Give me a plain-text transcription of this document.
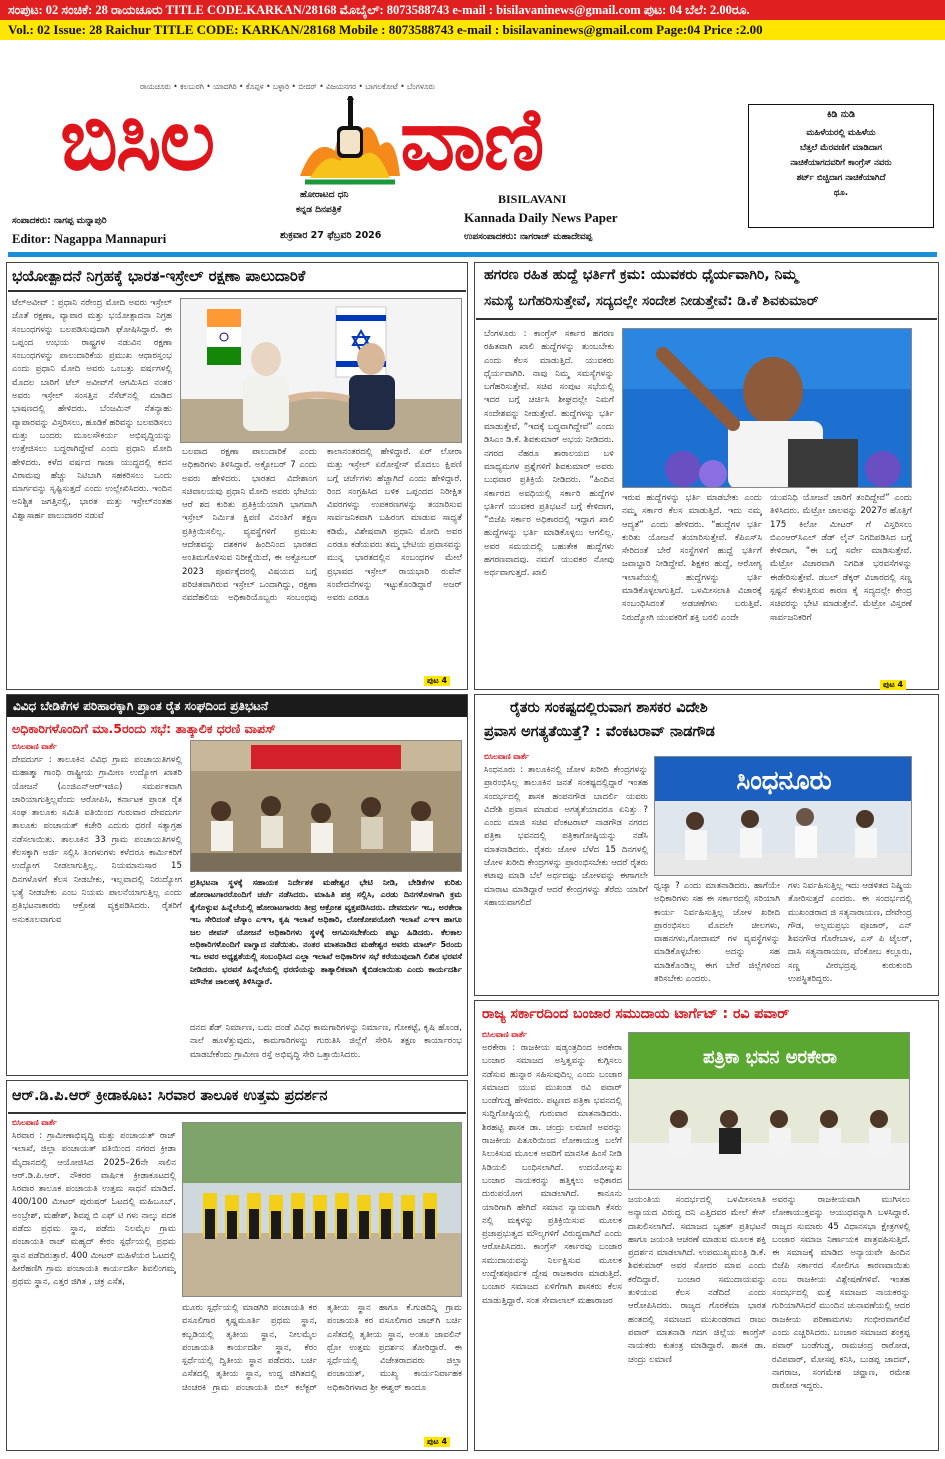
ಸಂಪುಟ: 02 ಸಂಚಿಕೆ: 28 ರಾಯಚೂರು TITLE CODE.KARKAN/28168 ಮೊಬೈಲ್: 8073588743 e-mail : bisilavaninews@gmail.com ಪುಟ: 04 ಬೆಲೆ: 2.00ರೂ.
Vol.: 02 Issue: 28 Raichur TITLE CODE: KARKAN/28168 Mobile : 8073588743 e-mail : bisilavaninews@gmail.com Page:04 Price :2.00
ರಾಯಚೂರು • ಕಲಬುರಗಿ • ಯಾದಗಿರಿ • ಕೊಪ್ಪಳ • ಬಳ್ಳಾರಿ • ಬೀದರ್ • ವಿಜಯನಗರ • ಬಾಗಲಕೋಟೆ • ಬೆಂಗಳೂರು
ಬಿಸಿಲ ವಾಣಿ
ಹೋರಾಟದ ಧನಿ
ಕನ್ನಡ ದಿನಪತ್ರಿಕೆ
BISILAVANI
Kannada Daily News Paper
ಸಂಪಾದಕರು: ನಾಗಪ್ಪ ಮನ್ನಾಪುರಿ
Editor: Nagappa Mannapuri	ಶುಕ್ರವಾರ 27 ಫೆಬ್ರವರಿ 2026	ಉಪಸಂಪಾದಕರು: ನಾಗರಾಜ್ ಮಹಾದೇವಪ್ಪ
ಕಿಡಿ ನುಡಿ
ಮಹಿಳೆಯರಲ್ಲಿ ಮಹಿಳೆಯ
ಬೆತ್ತಲೆ ಮೆರವಣಿಗೆ ಮಾಡಿದಾಗ
ನಾಚಿಕೆಯಾಗದವರಿಗೆ ಕಾಂಗ್ರೆಸ್ ನವರು
ಶರ್ಟ್ ಬಿಚ್ಚಿದಾಗ ನಾಚಿಕೆಯಾಗಿದೆ
ಥೂ.
ಭಯೋತ್ಪಾದನೆ ನಿಗ್ರಹಕ್ಕೆ ಭಾರತ-ಇಸ್ರೇಲ್ ರಕ್ಷಣಾ ಪಾಲುದಾರಿಕೆ
ಟೆಲ್‌ಅವೀವ್ : ಪ್ರಧಾನಿ ನರೇಂದ್ರ ಮೋದಿ ಅವರು ಇಸ್ರೇಲ್ ಜೊತೆ ರಕ್ಷಣಾ, ವ್ಯಾಪಾರ ಮತ್ತು ಭಯೋತ್ಪಾದನಾ ನಿಗ್ರಹ ಸಂಬಂಧಗಳನ್ನು ಬಲಪಡಿಸುವುದಾಗಿ ಘೋಷಿಸಿದ್ದಾರೆ. ಈ ಒಪ್ಪಂದ ಉಭಯ ರಾಷ್ಟ್ರಗಳ ನಡುವಿನ ರಕ್ಷಣಾ ಸಂಬಂಧಗಳನ್ನು ಪಾಲುದಾರಿಕೆಯ ಪ್ರಮುಖ ಆಧಾರಸ್ತಂಭ ಎಂದು ಪ್ರಧಾನಿ ಮೋದಿ ಅವರು ಒಂಬತ್ತು ವರ್ಷಗಳಲ್ಲಿ ಮೊದಲ ಬಾರಿಗೆ ಟೆಲ್ ಅವೀವ್‌ಗೆ ಆಗಮಿಸಿದ ನಂತರ ಅವರು ಇಸ್ರೇಲ್ ಸಂಸತ್ತಿನ ನೆಸೆಟ್‌ನಲ್ಲಿ ಮಾಡಿದ ಭಾಷಣದಲ್ಲಿ ಹೇಳಿದರು. ಬೆಂಜಮಿನ್ ನೆತನ್ಯಾಹು ವ್ಯಾಪಾರವನ್ನು ವಿಸ್ತರಿಸಲು, ಹೂಡಿಕೆ ಹರಿವನ್ನು ಬಲಪಡಿಸಲು ಮತ್ತು ಬಂದರು ಮೂಲಸೌಕರ್ಯ ಅಭಿವೃದ್ಧಿಯನ್ನು ಉತ್ತೇಜಿಸಲು ಬದ್ಧರಾಗಿದ್ದೇವೆ ಎಂದು ಪ್ರಧಾನಿ ಮೋದಿ ಹೇಳಿದರು. ಕಳೆದ ವರ್ಷದ ಗಾಜಾ ಯುದ್ಧದಲ್ಲಿ ಕದನ ವಿರಾಮವು ಹೆಚ್ಚು ನಿಟಿಬಾಗಿ ಸಹಕರಿಸಲು ಒಂದು ಮಾರ್ಗವನ್ನು ಸೃಷ್ಟಿಸುತ್ತದೆ ಎಂದು ಉಲ್ಲೇಖಿಸಿದರು. ಇಂದಿನ ಅನಿಶ್ಚಿತ ಜಗತ್ತಿನಲ್ಲಿ, ಭಾರತ ಮತ್ತು ಇಸ್ರೇಲ್‌ನಂತಹ ವಿಶ್ವಾಸಾರ್ಹ ಪಾಲುದಾರರ ನಡುವೆ
ಬಲವಾದ ರಕ್ಷಣಾ ಪಾಲುದಾರಿಕೆ ಎಂದು ಅಧಿಕಾರಿಗಳು ತಿಳಿಸಿದ್ದಾರೆ. ಅಕ್ಟೋಬರ್ 7 ಎಂದು ಅವರು ಹೇಳಿದರು. ಭಾರತದ ವಿದೇಶಾಂಗ ಸಚಿವಾಲಯವು ಪ್ರಧಾನಿ ಮೋದಿ ಅವರು ಭೇಟಿಯ ಆರೆ ಶದ ಕುರಿತು ಪ್ರತಿಕ್ರಿಯೆಯಾಗಿ ಭಾಗವಾಗಿ ಇಸ್ರೇಲ್ ನಿರ್ಮಿತ ಕ್ಷಿಪಣಿ ವಿನಂತಿಗೆ ತಕ್ಷಣ ಪ್ರತಿಕ್ರಿಯಿಸಲಿಲ್ಲ. ವ್ಯವಸ್ಥೆಗಳಿಗೆ ಪ್ರಮುಖ ಆದೇಶವನ್ನು ದಶಕಗಳ ಹಿಂದಿನಿಂದ ಭಾರತದ ಅಂತಿಮಗೊಳಿಸುವ ನಿರೀಕ್ಷೆಯಿದೆ, ಈ ಅಕ್ಟೋಬರ್ 2023 ಪೂರ್ವಕ್ಕೆದರಲ್ಲಿ ವಿಷಯದ ಬಗ್ಗೆ ಪರಿಚಿತವಾಗಿರುವ ಇಸ್ರೇಲ್ ಒಂದಾಗಿದ್ದು, ರಕ್ಷಣಾ ನವದೆಹಲಿಯ ಅಧಿಕಾರಿಯೊಬ್ಬರು ಸಂಬಂಧವು ಕಾಲಾನಂತರದಲ್ಲಿ ಹೇಳಿದ್ದಾರೆ. ಏರ್ ಲೋರಾ ಮತ್ತು ಇಸ್ರೇಲ್ ಏರೋಸ್ಪೇಸ್ ಮೊದಲು ಕ್ಷಿಪಣಿ ಬಗ್ಗೆ ಚರ್ಚೆಗಳು ಹೆಚ್ಚಾಗಿದೆ ಎಂದು ಹೇಳಿದ್ದಾರೆ. ರಿಂದ ಸಂಗ್ರಹಿಸಿದ ಬಳಿಕ ಒಪ್ಪಂದದ ನಿರೀಕ್ಷಿತ ವಿವರಗಳನ್ನು ಉಪಕರಣಗಳನ್ನು ತಯಾರಿಸುವ ಸಾರ್ವಜನಿಕವಾಗಿ ಬಹಿರಂಗ ಮಾಡುವ ಸಾಧ್ಯತೆ ಕಡಿಮೆ, ವಿಶೇಷವಾಗಿ ಪ್ರಧಾನಿ ಮೋದಿ ಅವರ ಎರಡೂ ಕಡೆಯವರು ತಮ್ಮ ಭೇಟಿಯ ಪ್ರವಾಸವನ್ನು ಮುನ್ನ ಭಾರತದಲ್ಲಿನ ಸಂಬಂಧಗಳ ಮೇಲೆ ಪ್ರಭಾವದ ಇಸ್ರೇಲ್ ರಾಯಭಾರಿ ರುವೆನ್ ಸಂವೇದನೆಗಳನ್ನು ಇಟ್ಟುಕೊಂಡಿದ್ದಾರೆ ಅಜರ್ ಅವರು ಎರಡೂ
ಪುಟ 4
ಹಗರಣ ರಹಿತ ಹುದ್ದೆ ಭರ್ತಿಗೆ ಕ್ರಮ: ಯುವಕರು ಧೈರ್ಯವಾಗಿರಿ, ನಿಮ್ಮ
ಸಮಸ್ಯೆ ಬಗೆಹರಿಸುತ್ತೇವೆ, ಸದ್ಯದಲ್ಲೇ ಸಂದೇಶ ನೀಡುತ್ತೇವೆ: ಡಿ.ಕೆ ಶಿವಕುಮಾರ್
ಬೆಂಗಳೂರು : ಕಾಂಗ್ರೆಸ್ ಸರ್ಕಾರ ಹಗರಣ ರಹಿತವಾಗಿ ಖಾಲಿ ಹುದ್ದೆಗಳನ್ನು ತುಂಬಬೇಕು ಎಂದು ಕೆಲಸ ಮಾಡುತ್ತಿದೆ. ಯುವಕರು ಧೈರ್ಯವಾಗಿರಿ. ನಾವು ನಿಮ್ಮ ಸಮಸ್ಯೆಗಳನ್ನು ಬಗೆಹರಿಸುತ್ತೇವೆ. ಸಚಿವ ಸಂಪುಟ ಸಭೆಯಲ್ಲಿ ಇದರ ಬಗ್ಗೆ ಚರ್ಚಿಸಿ ಶೀಘ್ರದಲ್ಲೇ ನಿಮಗೆ ಸಂದೇಶವನ್ನು ನೀಡುತ್ತೇವೆ. ಹುದ್ದೆಗಳನ್ನು ಭರ್ತಿ ಮಾಡುತ್ತೇವೆ, “ಇದಕ್ಕೆ ಬದ್ಧವಾಗಿದ್ದೇವೆ” ಎಂದು ಡಿಸಿಎಂ ಡಿ.ಕೆ. ಶಿವಕುಮಾರ್ ಅಭಯ ನೀಡಿದರು. ನಗರದ ನೆಹರೂ ತಾರಾಲಯದ ಬಳಿ ಮಾಧ್ಯಮಗಳ ಪ್ರಶ್ನೆಗಳಿಗೆ ಶಿವಕುಮಾರ್ ಅವರು ಬುಧವಾರ ಪ್ರತಿಕ್ರಿಯೆ ನೀಡಿದರು. “ಹಿಂದಿನ ಸರ್ಕಾರದ ಅವಧಿಯಲ್ಲಿ ಸರ್ಕಾರಿ ಹುದ್ದೆಗಳ ಭರ್ತಿಗೆ ಯುವಕರ ಪ್ರತಿಭಟನೆ ಬಗ್ಗೆ ಕೇಳಿದಾಗ, “ಬಿಜೆಪಿ ಸರ್ಕಾರ ಅಧಿಕಾರದಲ್ಲಿ ಇದ್ದಾಗ ಖಾಲಿ ಹುದ್ದೆಗಳನ್ನು ಭರ್ತಿ ಮಾಡಿಕೊಳ್ಳಲು ಆಗಲಿಲ್ಲ. ಅವರ ಸಮಯದಲ್ಲಿ ಬಹುತೇಕ ಹುದ್ದೆಗಳು ಹಗರಣವಾದವು. ನಮಗೆ ಯುವಕರ ನೋವು ಅರ್ಥವಾಗುತ್ತದೆ. ಖಾಲಿ
ಇರುವ ಹುದ್ದೆಗಳನ್ನು ಭರ್ತಿ ಮಾಡಬೇಕು ಎಂದು ನಮ್ಮ ಸರ್ಕಾರ ಕೆಲಸ ಮಾಡುತ್ತಿದೆ. ಇದು ನಮ್ಮ ಆದ್ಯತೆ” ಎಂದು ಹೇಳಿದರು. “ಹುದ್ದೆಗಳ ಭರ್ತಿ ಕುರಿತು ಯೋಜನೆ ತಯಾರಿಸುತ್ತೇವೆ. ಕೆಪಿಎಸ್‌ಸಿ ಸೇರಿದಂತೆ ಬೇರೆ ಸಂಸ್ಥೆಗಳಿಗೆ ಹುದ್ದೆ ಭರ್ತಿಗೆ ಜವಾಬ್ದಾರಿ ನೀಡಿದ್ದೇವೆ. ಶಿಕ್ಷಕರ ಹುದ್ದೆ, ಆರೋಗ್ಯ ಇಲಾಖೆಯಲ್ಲಿ ಹುದ್ದೆಗಳನ್ನು ಭರ್ತಿ ಮಾಡಿಕೊಳ್ಳಲಾಗುತ್ತಿದೆ. ಒಳಮೀಸಲಾತಿ ವಿಚಾರಕ್ಕೆ ಸಂಬಂಧಿಸಿದಂತೆ ಅಡಚಣೆಗಳು ಬರುತ್ತಿವೆ. ನಿರುದ್ಯೋಗಿ ಯುವಕರಿಗೆ ಶಕ್ತಿ ಬರಲಿ ಎಂದೇ
ಯುವನಿಧಿ ಯೋಜನೆ ಜಾರಿಗೆ ತಂದಿದ್ದೇವೆ” ಎಂದು ತಿಳಿಸಿದರು. ಮೆಟ್ರೋ ಜಾಲವನ್ನು 2027ರ ಹೊತ್ತಿಗೆ 175 ಕಿಲೋ ಮೀಟರ್ ಗೆ ವಿಸ್ತರಿಸಲು ಬಿಎಂಆರ್‌ಸಿಎಲ್ ಡೆಡ್ ಲೈನ್ ನಿಗದಿಪಡಿಸಿದ ಬಗ್ಗೆ ಕೇಳಿದಾಗ, “ಈ ಬಗ್ಗೆ ಸರ್ವೇ ಮಾಡಿಸುತ್ತೇವೆ. ಮೆಟ್ರೋ ವಿಚಾರವಾಗಿ ನಿಗದಿತ ಭರವಸೆಗಳನ್ನು ಈಡೇರಿಸುತ್ತೇವೆ. ಡಬಲ್ ಡೆಕ್ಕರ್ ವಿಚಾರದಲ್ಲಿ ಸಣ್ಣ ಸ್ಪಷ್ಟನೆ ಕೇಳುತ್ತಿರುವ ಕಾರಣ ಕೈ ಸದ್ಯದಲ್ಲೇ ಕೇಂದ್ರ ಸಚಿವರನ್ನು ಭೇಟಿ ಮಾಡುತ್ತೇನೆ. ಮೆಟ್ರೋ ವಿಸ್ತರಣೆ ಸಾರ್ವಜನಿಕರಿಗೆ
ಪುಟ 4
ವಿವಿಧ ಬೇಡಿಕೆಗಳ ಪರಿಹಾರಕ್ಕಾಗಿ ಪ್ರಾಂತ ರೈತ ಸಂಘದಿಂದ ಪ್ರತಿಭಟನೆ
ಅಧಿಕಾರಿಗಳೊಂದಿಗೆ ಮಾ.5ರಂದು ಸಭೆ: ತಾತ್ಕಾಲಿಕ ಧರಣಿ ವಾಪಸ್
ಬಿಸಿಲವಾಣಿ ವಾರ್ತೆ
ದೇವದುರ್ಗ : ತಾಲೂಕಿನ ವಿವಿಧ ಗ್ರಾಮ ಪಂಚಾಯತಿಗಳಲ್ಲಿ ಮಹಾತ್ಮಾ ಗಾಂಧಿ ರಾಷ್ಟ್ರೀಯ ಗ್ರಾಮೀಣ ಉದ್ಯೋಗ ಖಾತರಿ ಯೋಜನೆ (ಎಂಜಿಎನ್‌ಆರ್‌ಇಜಿಎ) ಸಮರ್ಪಕವಾಗಿ ಜಾರಿಯಾಗುತ್ತಿಲ್ಲವೆಂದು ಆರೋಪಿಸಿ, ಕರ್ನಾಟಕ ಪ್ರಾಂತ ರೈತ ಸಂಘ ತಾಲೂಕು ಸಮಿತಿ ವತಿಯಿಂದ ಗುರುವಾರ ದೇವದುರ್ಗ ತಾಲೂಕು ಪಂಚಾಯತ್ ಕಚೇರಿ ಎದುರು ಧರಣಿ ಸತ್ಯಾಗ್ರಹ ನಡೆಸಲಾಯಿತು. ತಾಲೂಕಿನ 33 ಗ್ರಾಮ ಪಂಚಾಯತಿಗಳಲ್ಲಿ ಕೆಲಸಕ್ಕಾಗಿ ಅರ್ಜಿ ಸಲ್ಲಿಸಿ ತಿಂಗಳುಗಳು ಕಳೆದರೂ ಕಾರ್ಮಿಕರಿಗೆ ಉದ್ಯೋಗ ನೀಡಲಾಗುತ್ತಿಲ್ಲ. ನಿಯಮಾನುಸಾರ 15 ದಿನಗಳೊಳಗೆ ಕೆಲಸ ನೀಡಬೇಕು, ಇಲ್ಲವಾದಲ್ಲಿ ನಿರುದ್ಯೋಗ ಭತ್ಯೆ ನೀಡಬೇಕು ಎಂಬ ನಿಯಮ ಪಾಲನೆಯಾಗುತ್ತಿಲ್ಲ ಎಂದು ಪ್ರತಿಭಟನಾಕಾರರು ಆಕ್ರೋಶ ವ್ಯಕ್ತಪಡಿಸಿದರು. ರೈತರಿಗೆ ಅನುಕೂಲವಾಗುವ
ಪ್ರತಿಭಟನಾ ಸ್ಥಳಕ್ಕೆ ಸಹಾಯಕ ನಿರ್ದೇಶಕ ಮಹೇಶ್ವರ ಭೇಟಿ ನೀಡಿ, ಬೇಡಿಕೆಗಳ ಕುರಿತು ಹೋರಾಟಗಾರರೊಂದಿಗೆ ಚರ್ಚೆ ನಡೆಸಿದರು. ಮಾಹಿತಿ ಪತ್ರ ಸಲ್ಲಿಸಿ, ಎರಡು ದಿನಗಳೊಳಗಾಗಿ ಕ್ರಮ ಕೈಗೊಳ್ಳುವ ಹಿನ್ನೆಲೆಯಲ್ಲಿ ಹೋರಾಟಗಾರರು ತೀವ್ರ ಆಕ್ರೋಶ ವ್ಯಕ್ತಪಡಿಸಿದರು. ದೇವದುರ್ಗ ಇಒ, ಅರಕೇರಾ ಇಒ ಸೇರಿದಂತೆ ಜೆಸ್ಕಾಂ ಎಇಇ, ಕೃಷಿ ಇಲಾಖೆ ಅಧಿಕಾರಿ, ಲೋಕೋಪಯೋಗಿ ಇಲಾಖೆ ಎಇಇ ಹಾಗೂ ಜಲ ಜೀವನ್ ಯೋಜನೆ ಅಧಿಕಾರಿಗಳು ಸ್ಥಳಕ್ಕೆ ಆಗಮಿಸಬೇಕೆಂದು ಪಟ್ಟು ಹಿಡಿದರು. ಕೆಲಕಾಲ ಅಧಿಕಾರಿಗಳೊಂದಿಗೆ ವಾಗ್ವಾದ ನಡೆಯಿತು. ನಂತರ ಮಾತನಾಡಿದ ಮಹೇಶ್ವರ ಅವರು ಮಾರ್ಚ್ 5ರಂದು ಇಒ ಅವರ ಅಧ್ಯಕ್ಷತೆಯಲ್ಲಿ ಸಂಬಂಧಿಸಿದ ಎಲ್ಲಾ ಇಲಾಖೆ ಅಧಿಕಾರಿಗಳ ಸಭೆ ಕರೆಯುವುದಾಗಿ ಲಿಖಿತ ಭರವಸೆ ನೀಡಿದರು. ಭರವಸೆ ಹಿನ್ನೆಲೆಯಲ್ಲಿ ಧರಣಿಯನ್ನು ತಾತ್ಕಾಲಿಕವಾಗಿ ಕೈಬಿಡಲಾಯಿತು ಎಂದು ಕಾರ್ಯದರ್ಶಿ ಮೌನೇಶ ಜಾಲಹಳ್ಳಿ ತಿಳಿಸಿದ್ದಾರೆ.
ದನದ ಶೆಡ್ ನಿರ್ಮಾಣ, ಬದು ದಂಡೆ ವಿವಿಧ ಕಾಮಗಾರಿಗಳನ್ನು ನಿರ್ಮಾಣ, ಗೋಕಟ್ಟೆ, ಕೃಷಿ ಹೊಂಡ, ನಾಲೆ ಹೂಳೆತ್ತುವುದು, ಕಾಮಗಾರಿಗಳನ್ನು ಗುರುತಿಸಿ ಜಿಲ್ಲೆಗೆ ಸೇರಿಸಿ ತಕ್ಷಣ ಕಾರ್ಯಾರಂಭ ಮಾಡಬೇಕೆಂದು ಗ್ರಾಮೀಣ ರಸ್ತೆ ಅಭಿವೃದ್ಧಿ ಸೇರಿ ಒತ್ತಾಯಿಸಿದರು.
ರೈತರು ಸಂಕಷ್ಟದಲ್ಲಿರುವಾಗ ಶಾಸಕರ ವಿದೇಶಿ
ಪ್ರವಾಸ ಅಗತ್ಯತೆಯಿತ್ತೆ? : ವೆಂಕಟರಾವ್ ನಾಡಗೌಡ
ಬಿಸಿಲವಾಣಿ ವಾರ್ತೆ
ಸಿಂಧನೂರು
ಸಿಂಧನೂರು : ತಾಲೂಕಿನಲ್ಲಿ ಜೋಳ ಖರೀದಿ ಕೇಂದ್ರಗಳನ್ನು ಪ್ರಾರಂಭಿಸಿಲ್ಲ ತಾಲೂಕಿನ ಜನತೆ ಸಂಕಷ್ಟದಲ್ಲಿದ್ದಾರೆ ಇಂತಹ ಸಂದರ್ಭದಲ್ಲಿ ಶಾಸಕ ಹಂಪನಗೌಡ ಬಾದರ್ಲಿ ಯವರು ವಿದೇಶಿ ಪ್ರವಾಸ ಮಾಡುವ ಅಗತ್ಯತೆಯಾದರೂ ಏನಿತ್ತು ?ಎಂದು ಮಾಜಿ ಸಚಿವ ವೆಂಕಟರಾವ್ ನಾಡಗೌಡ ನಗರದ ಪತ್ರಿಕಾ ಭವನದಲ್ಲಿ ಪತ್ರಿಕಾಗೋಷ್ಠಿಯನ್ನು ನಡೆಸಿ ಮಾತನಾಡಿದರು. ರೈತರು ಜೋಳ ಬೆಳೆದ 15 ದಿನಗಳಲ್ಲಿ ಜೋಳ ಖರೀದಿ ಕೇಂದ್ರಗಳನ್ನು ಪ್ರಾರಂಭಿಸಬೇಕು ಆದರೆ ರೈತರು ಕಟಾವು ಮಾಡಿ ಬೆಲೆ ಅರ್ಧದಷ್ಟು ಜೋಳವನ್ನು ಈಗಾಗಲೇ ಮಾರಾಟ ಮಾಡಿದ್ದಾರೆ ಆದರೆ ಕೇಂದ್ರಗಳನ್ನು ತೆರೆದು ಯಾರಿಗೆ ಸಹಾಯವಾಗಲಿದೆ
ಧ್ವಜ್ಯಾ ? ಎಂದು ಮಾತನಾಡಿದರು. ಹಾಗೆಯೇ ಅಧಿಕಾರಿಗಳು ಸಹ ಈ ಸರ್ಕಾರದಲ್ಲಿ ಸರಿಯಾಗಿ ಕಾರ್ಯ ನಿರ್ವಹಿಸುತ್ತಿಲ್ಲ ಜೋಳ ಖರೀದಿ ಪ್ರಾರಂಭಿಸಲು ಮೊದಲೇ ಚೀಲಗಳು, ವಾಹನಗಳು,ಗೋದಾಮ್ ಗಳ ವ್ಯವಸ್ಥೆಗಳನ್ನು ಮಾಡಿಕೊಳ್ಳಬೇಕು ಅದನ್ನು ಸಹ ಮಾಡಿಕೊಂಡಿಲ್ಲ ಈಗ ಬೇರೆ ಜಿಲ್ಲೆಗಳಿಂದ ತರಿಸಬೇಕು ಎಂದರು.
ಗಳು ನಿರ್ವಹಿಸುತ್ತಿಲ್ಲ ಇದು ಆಡಳಿತದ ನಿಷ್ಕ್ರಿಯ ತೋರಿಸುತ್ತದೆ ಎಂದರು. ಈ ಸಂದರ್ಭದಲ್ಲಿ ಮುಖಂಡರಾದ ಜಿ ಸತ್ಯನಾರಾಯಣ, ದೇವೇಂದ್ರ ಗೌಡ, ಅಲ್ಲಮಪ್ರಭು ಪೂಜಾರ್, ಎನ್ ಶಿವನಗೌಡ ಗೊರೇಬಾಳ, ಎಸ್ ಪಿ ಟೈಲರ್, ದಾಸಿ ಸತ್ಯನಾರಾಯಣ, ವೆಂಕೋಬ ಕಲ್ಲೂರು, ಸಣ್ಣ ವೀರಭದ್ರಪ್ಪ ಕುರುಕುಂದಿ ಉಪಸ್ಥಿತರಿದ್ದರು.
ರಾಜ್ಯ ಸರ್ಕಾರದಿಂದ ಬಂಜಾರ ಸಮುದಾಯ ಟಾರ್ಗೆಟ್ : ರವಿ ಪವಾರ್
ಬಿಸಿಲವಾಣಿ ವಾರ್ತೆ
ಪತ್ರಿಕಾ ಭವನ ಅರಕೇರಾ
ಅರಕೇರಾ : ರಾಜಕೀಯ ಷಡ್ಯಂತ್ರದಿಂದ ಅರಕೇರಾ ಬಂಜಾರ ಸಮಾಜದ ಅಸ್ತಿತ್ವವನ್ನು ಕುಗ್ಗಿಸಲು ನಡೆಸುವ ಹುನ್ನಾರ ಸಹಿಸುವುದಿಲ್ಲ ಎಂದು ಬಂಜಾರ ಸಮಾಜದ ಯುವ ಮುಖಂಡ ರವಿ ಪವಾರ್ ಬಂಡೆಗುಡ್ಡ ಹೇಳಿದರು. ಪಟ್ಟಣದ ಪತ್ರಿಕಾ ಭವನದಲ್ಲಿ ಸುದ್ದಿಗೋಷ್ಠಿಯಲ್ಲಿ ಗುರುವಾರ ಮಾತನಾಡಿದರು. ಶಿರಹಟ್ಟಿ ಶಾಸಕ ಡಾ. ಚಂದ್ರು ಲಮಾಣಿ ಅವರನ್ನು ರಾಜಕೀಯ ಪಿತೂರಿಯಿಂದ ಲೋಕಾಯುಕ್ತ ಬಲೆಗೆ ಸಿಲುಕಿಸುವ ಮೂಲಕ ಅವರಿಗೆ ಮಾನಸಿಕ ಹಿಂಸೆ ನೀಡಿ ಸಿಡಿಯಲಿ ಬಂಧಿಸಲಾಗಿದೆ. ಉದಯೋನ್ಮುಖ ಬಂಜಾರ ನಾಯಕರನ್ನು ಹತ್ತಿಕ್ಕಲು ಅಧಿಕಾರದ ದುರುಪಯೋಗ ಮಾಡಲಾಗಿದೆ. ಕಾನೂನು ಯಾರಿಗಾಗಿ ಹೇಗಿದೆ ಸಮಾನ ನ್ಯಾಯವಾಗಿ ಕೆಸರು ನಲ್ಲಿ ಮಕ್ಕಳನ್ನು ಪ್ರತಿಕ್ರಿಯಿಸುವ ಮೂಲಕ ಪ್ರಜಾಪ್ರಭುತ್ವದ ಮೌಲ್ಯಗಳಿಗೆ ವಿರುದ್ಧವಾಗಿದೆ ಎಂದು ಆರೋಪಿಸಿದರು. ಕಾಂಗ್ರೆಸ್ ಸರ್ಕಾರವು ಬಂಜಾರ ಸಮುದಾಯವನ್ನು ನಿರ್ಲಕ್ಷಿಸುವ ಮೂಲಕ ಉದ್ದೇಶಪೂರ್ವಕ ದ್ವೇಷ ರಾಜಕಾರಣ ಮಾಡುತ್ತಿದೆ. ಬಂಜಾರ ಸಮಾಜದ ಏಳಿಗೆಗಾಗಿ ಶಾಸಕರು ಕೆಲಸ ಮಾಡುತ್ತಿದ್ದಾರೆ. ಸಂತ ಸೇವಾಲಾಲ್ ಮಹಾರಾಜರ
ಜಯಂತಿಯ ಸಂದರ್ಭದಲ್ಲಿ ಒಳಮೀಸಲಾತಿ ಅನ್ಯಾಯದ ವಿರುದ್ಧ ದನಿ ಎತ್ತಿದವರ ಮೇಲೆ ಕೇಸ್ ದಾಖಲಿಸಲಾಗಿದೆ. ಸಮಾಜದ ಬೃಹತ್ ಪ್ರತಿಭಟನೆ ಹಾಗೂ ಜಯಂತಿ ಆಚರಣೆ ಮಾಡುವ ಮೂಲಕ ಶಕ್ತಿ ಪ್ರದರ್ಶನ ಮಾಡಲಾಗಿದೆ. ಉಪಮುಖ್ಯಮಂತ್ರಿ ಡಿ.ಕೆ. ಶಿವಕುಮಾರ್ ಅವರ ಸೋದರ ಮಾವ ಎಂದು ಕರೆದಿದ್ದಾರೆ. ಬಂಜಾರ ಸಮುದಾಯವನ್ನು ತುಳಿಯುವ ಕೆಲಸ ನಡೆದಿದೆ ಎಂದು ಆರೋಪಿಸಿದರು. ರಾಜ್ಯದ ಗೊರಕೆಮಾ ಭಾರತ ಹಂತದಲ್ಲಿ ಸಮಾಜದ ಮುಖಂಡರಾದ ರಾಜು ಪವಾರ್ ಮಾತನಾಡಿ ಗದಗ ಜಿಲ್ಲೆಯ ಕಾಂಗ್ರೆಸ್ ನಾಯಕರು ಕುತಂತ್ರ ಮಾಡಿದ್ದಾರೆ. ಶಾಸಕ ಡಾ. ಚಂದ್ರು ಲಮಾಣಿ
ಅವರನ್ನು ರಾಜಕೀಯವಾಗಿ ಮುಗಿಸಲು ಲೋಕಾಯುಕ್ತವನ್ನು ಆಯುಧವನ್ನಾಗಿ ಬಳಸಿದ್ದಾರೆ. ರಾಜ್ಯದ ಸುಮಾರು 45 ವಿಧಾನಸಭಾ ಕ್ಷೇತ್ರಗಳಲ್ಲಿ ಬಂಜಾರ ಸಮಾಜ ನಿರ್ಣಾಯಕ ಪಾತ್ರವಹಿಸುತ್ತಿದೆ. ಈ ಸಮಾಜಕ್ಕೆ ಮಾಡಿದ ಅನ್ಯಾಯವೇ ಹಿಂದಿನ ಬಿಜೆಪಿ ಸರ್ಕಾರದ ಸೋಲಿಗೂ ಕಾರಣವಾಯಿತು ಎಂಬ ರಾಜಕೀಯ ವಿಶ್ಲೇಷಣೆಗಳಿವೆ. ಇಂತಹ ಸಂದರ್ಭದಲ್ಲಿ ಮತ್ತೆ ಸಮಾಜದ ನಾಯಕರನ್ನು ಗುರಿಯಾಗಿಸಿದರೆ ಮುಂದಿನ ಚುನಾವಣೆಯಲ್ಲಿ ಆದರ ರಾಜಕೀಯ ಪರಿಣಾಮಗಳು ಗಂಭೀರವಾಗಲಿವೆ ಎಂದು ಎಚ್ಚರಿಸಿದರು. ಬಂಜಾರ ಸಮಾಜದ ಶಂಕ್ರಪ್ಪ ಪವಾರ್ ಬಂಡೆಗುಡ್ಡ, ರಾಮಚಂದ್ರ ರಾಠೋಡ, ರವಿಪವಾರ್, ಮೋಸಪ್ಪ ಕನಿಸಿ, ಬುಡಪ್ಪ ಜಾದವ್, ನಾಗರಾಜ, ಸಂಗಮೇಶ ಚವ್ಹಾಣ, ರಮೇಶ ರಾಠೋಡ ಇದ್ದರು.
ಆರ್.ಡಿ.ಪಿ.ಆರ್ ಕ್ರೀಡಾಕೂಟ: ಸಿರವಾರ ತಾಲೂಕ ಉತ್ತಮ ಪ್ರದರ್ಶನ
ಬಿಸಿಲವಾಣಿ ವಾರ್ತೆ
ಸಿರವಾರ : ಗ್ರಾಮೀಣಾಭಿವೃದ್ಧಿ ಮತ್ತು ಪಂಚಾಯತ್ ರಾಜ್ ಇಲಾಖೆ, ಜಿಲ್ಲಾ ಪಂಚಾಯತ್ ವತಿಯಿಂದ ನಗರದ ಕ್ರೀಡಾ ಮೈದಾನದಲ್ಲಿ ಆಯೋಜಿಸಿದ 2025–26ನೇ ಸಾಲಿನ ಆರ್.ಡಿ.ಪಿ.ಆರ್. ನೌಕರರ ವಾರ್ಷಿಕ ಕ್ರೀಡಾಕೂಟದಲ್ಲಿ ಸಿರವಾರ ತಾಲೂಕ ಪಂಚಾಯತಿ ಉತ್ತಮ ಸಾಧನೆ ಮಾಡಿದೆ. 400/100 ಮೀಟರ್ ಪುರುಷರ್ ಓಟದಲ್ಲಿ ಮಹಿಬೂಬ್, ಅಂಬ್ರೇಶ್, ಮಹೇಶ್, ಶಿವಪ್ಪ ಬಿ ಎಫ್ ಟಿ ಗಳು ನಾಲ್ಕು ಪದಕ ಪಡೆದು ಪ್ರಥಮ ಸ್ಥಾನ, ಪಡೆದು ನಿಲಮೈಲ ಗ್ರಾಮ ಪಂಚಾಯತಿ ರಾಜ್ ಮಹ್ಯದ್ ಕೇರಂ ಸ್ಪರ್ಧೆಯಲ್ಲಿ ಪ್ರಥಮ ಸ್ಥಾನ ಪಡೆದಿರುತ್ತಾರೆ. 400 ಮೀಟರ್ ಮಹಿಳೆಯರ ಓಟದಲ್ಲಿ ಹೀರೆಹಣಿಗಿ ಗ್ರಾಮ ಪಂಚಾಯತಿ ಕಾರ್ಯದರ್ಶಿ ಶಿವಲಿಂಗಮ್ಮ ಪ್ರಥಮ ಸ್ಥಾನ, ಎತ್ತರ ಜಿಗಿತ , ಚಕ್ರ ಎಸೆತ,
ಮೂರು ಸ್ಪರ್ಧೆಯಲ್ಲಿ ಮಾಡಗಿರಿ ಪಂಚಾಯತಿ ಕರ ವಸೂಲಿಗಾರ ಕೃಷ್ಣಮೂರ್ತಿ ಪ್ರಥಮ ಸ್ಥಾನ, ಕಬ್ಬಡಿಯಲ್ಲಿ ತೃತೀಯ ಸ್ಥಾನ, ನೀಲಮೈಲ ಪಂಚಾಯತಿ ಕಾರ್ಯದರ್ಶಿ ಸ್ಥಾನ, ಕೆರಂ ಸ್ಪರ್ಧೆಯಲ್ಲಿ ದ್ವಿತೀಯ ಸ್ಥಾನ ಪಡೆದರು. ಬರ್ಚಿ ಎಸೆತದಲ್ಲಿ ತೃತೀಯ ಸ್ಥಾನ, ಉದ್ದ ಜಿಗಿತದಲ್ಲಿ ಚಿಂಚರಕಿ ಗ್ರಾಮ ಪಂಚಾಯತಿ ಬಿಲ್ ಕಲೆಕ್ಟರ್ ತೃತೀಯ ಸ್ಥಾನ ಹಾಗೂ ಕೆ.ಗುಡದಿನ್ನಿ ಗ್ರಾಮ ಪಂಚಾಯತಿ ಕರ ವಸೂಲಿಗಾರ ಜಾಜ್‌ಗಿ ಬರ್ಚಿ ಎಸೆತದಲ್ಲಿ ತೃತೀಯ ಸ್ಥಾನ, ಅಂತೂ ಜಾವಲಿನ್ ಥ್ರೋ ಉತ್ತಮ ಪ್ರದರ್ಶನ ತೋರಿದ್ದಾರೆ. ಈ ಸ್ಪರ್ಧೆಯಲ್ಲಿ ವಿಜೇತರಾದವರು ಜಿಲ್ಲಾ ಪಂಚಾಯತ್, ಮುಖ್ಯ ಕಾರ್ಯನಿರ್ವಾಹಕ ಅಧಿಕಾರಿಗಳಾದ ಶ್ರೀ ಈಶ್ವರ್ ಕಾಂದೂ
ಪುಟ 4
